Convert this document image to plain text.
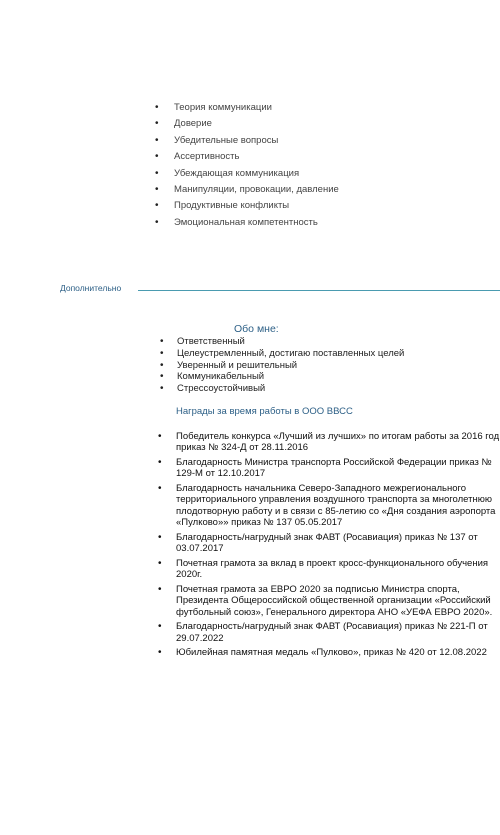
• Теория коммуникации
• Доверие
• Убедительные вопросы
• Ассертивность
• Убеждающая коммуникация
• Манипуляции, провокации, давление
• Продуктивные конфликты
• Эмоциональная компетентность
Дополнительно
Обо мне:
• Ответственный
• Целеустремленный, достигаю поставленных целей
• Уверенный и решительный
• Коммуникабельный
• Стрессоустойчивый
Награды за время работы в ООО ВВСС
• Победитель конкурса «Лучший из лучших» по итогам работы за 2016 год приказ № 324-Д от 28.11.2016
• Благодарность Министра транспорта Российской Федерации приказ № 129-М от 12.10.2017
• Благодарность начальника Северо-Западного межрегионального территориального управления воздушного транспорта за многолетнюю плодотворную работу и в связи с 85-летию со «Дня создания аэропорта «Пулково»» приказ № 137 05.05.2017
• Благодарность/нагрудный знак ФАВТ (Росавиация) приказ № 137 от 03.07.2017
• Почетная грамота за вклад в проект кросс-функционального обучения 2020г.
• Почетная грамота за ЕВРО 2020 за подписью Министра спорта, Президента Общероссийской общественной организации «Российский футбольный союз», Генерального директора АНО «УЕФА ЕВРО 2020».
• Благодарность/нагрудный знак ФАВТ (Росавиация) приказ № 221-П от 29.07.2022
• Юбилейная памятная медаль «Пулково», приказ № 420 от 12.08.2022
